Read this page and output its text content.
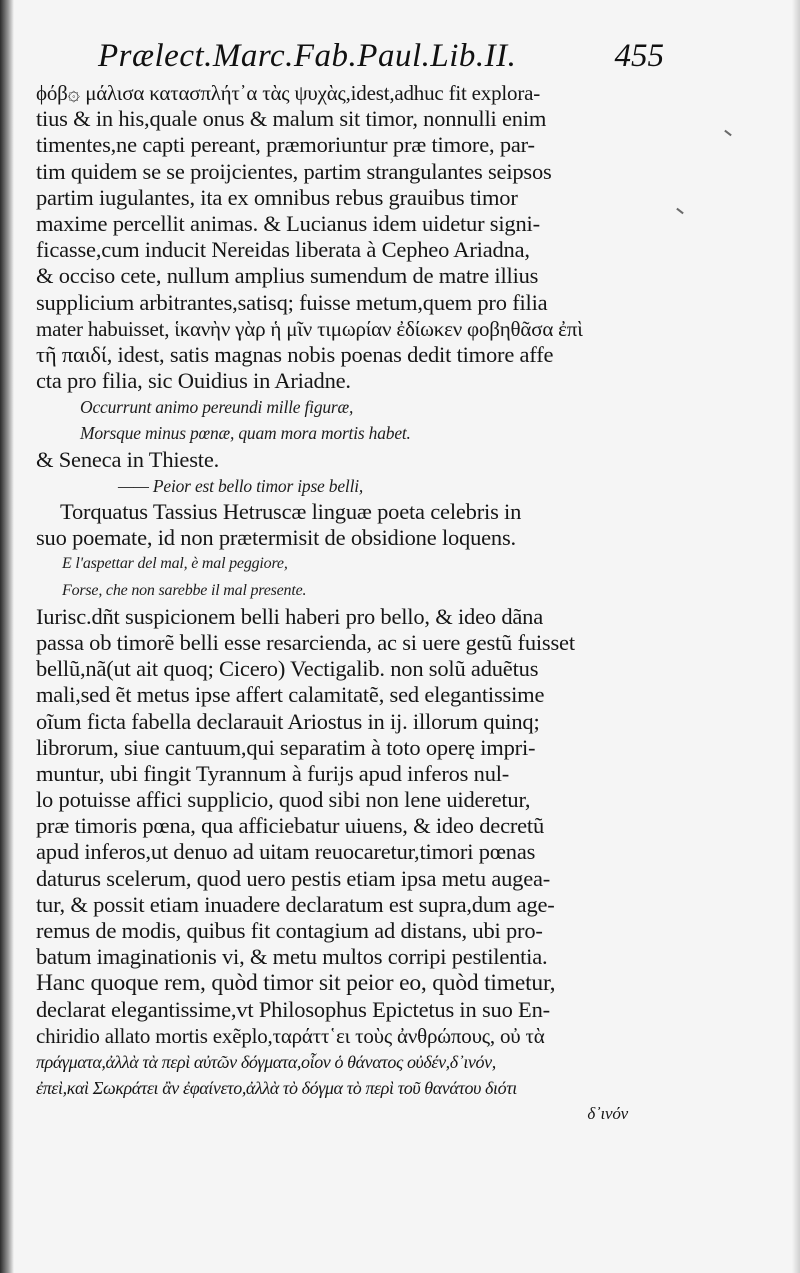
Prælect.Marc.Fab.Paul.Lib.II.	455
ϕόβ۞ μάλισα κατασπλήτ᾽α τὰς ψυχὰς,idest,adhuc fit explora-
tius & in his,quale onus & malum sit timor, nonnulli enim
timentes,ne capti pereant, præmoriuntur præ timore, par-
tim quidem se se proijcientes, partim strangulantes seipsos
partim iugulantes, ita ex omnibus rebus grauibus timor
maxime percellit animas. & Lucianus idem uidetur signi-
ficasse,cum inducit Nereidas liberata à Cepheo Ariadna,
& occiso cete, nullum amplius sumendum de matre illius
supplicium arbitrantes,satisq; fuisse metum,quem pro filia
mater habuisset, ἱκανὴν γὰρ ἡ μῖν τιμωρίαν ἐδίωκεν φοβηθᾶσα ἐπὶ
τῆ παιδί, idest, satis magnas nobis poenas dedit timore affe
cta pro filia, sic Ouidius in Ariadne.
Occurrunt animo pereundi mille figuræ,
Morsque minus pœnæ, quam mora mortis habet.
& Seneca in Thieste.
—— Peior est bello timor ipse belli,
Torquatus Tassius Hetruscæ linguæ poeta celebris in
suo poemate, id non prætermisit de obsidione loquens.
E l'aspettar del mal, è mal peggiore,
Forse, che non sarebbe il mal presente.
Iurisc.dñt suspicionem belli haberi pro bello, & ideo dãna
passa ob timorẽ belli esse resarcienda, ac si uere gestũ fuisset
bellũ,nã(ut ait quoq; Cicero) Vectigalib. non solũ aduẽtus
mali,sed ẽt metus ipse affert calamitatẽ, sed elegantissime
oĩum ficta fabella declarauit Ariostus in ij. illorum quinq;
librorum, siue cantuum,qui separatim à toto operę impri-
muntur, ubi fingit Tyrannum à furijs apud inferos nul-
lo potuisse affici supplicio, quod sibi non lene uideretur,
præ timoris pœna, qua afficiebatur uiuens, & ideo decretũ
apud inferos,ut denuo ad uitam reuocaretur,timori pœnas
daturus scelerum, quod uero pestis etiam ipsa metu augea-
tur, & possit etiam inuadere declaratum est supra,dum age-
remus de modis, quibus fit contagium ad distans, ubi pro-
batum imaginationis vi, & metu multos corripi pestilentia.
Hanc quoque rem, quòd timor sit peior eo, quòd timetur,
declarat elegantissime,vt Philosophus Epictetus in suo En-
chiridio allato mortis exẽplo,ταράττ῾ει τοὺς ἀνθρώπους, οὐ τὰ
πράγματα,ἀλλὰ τὰ περὶ αὐτῶν δόγματα,οἷον ὁ θάνατος οὐδέν,δ᾽ινόν,
ἐπεὶ,καὶ Σωκράτει ἂν ἐφαίνετο,ἀλλὰ τὸ δόγμα τὸ περὶ τοῦ θανάτου διότι
δ᾽ινόν
